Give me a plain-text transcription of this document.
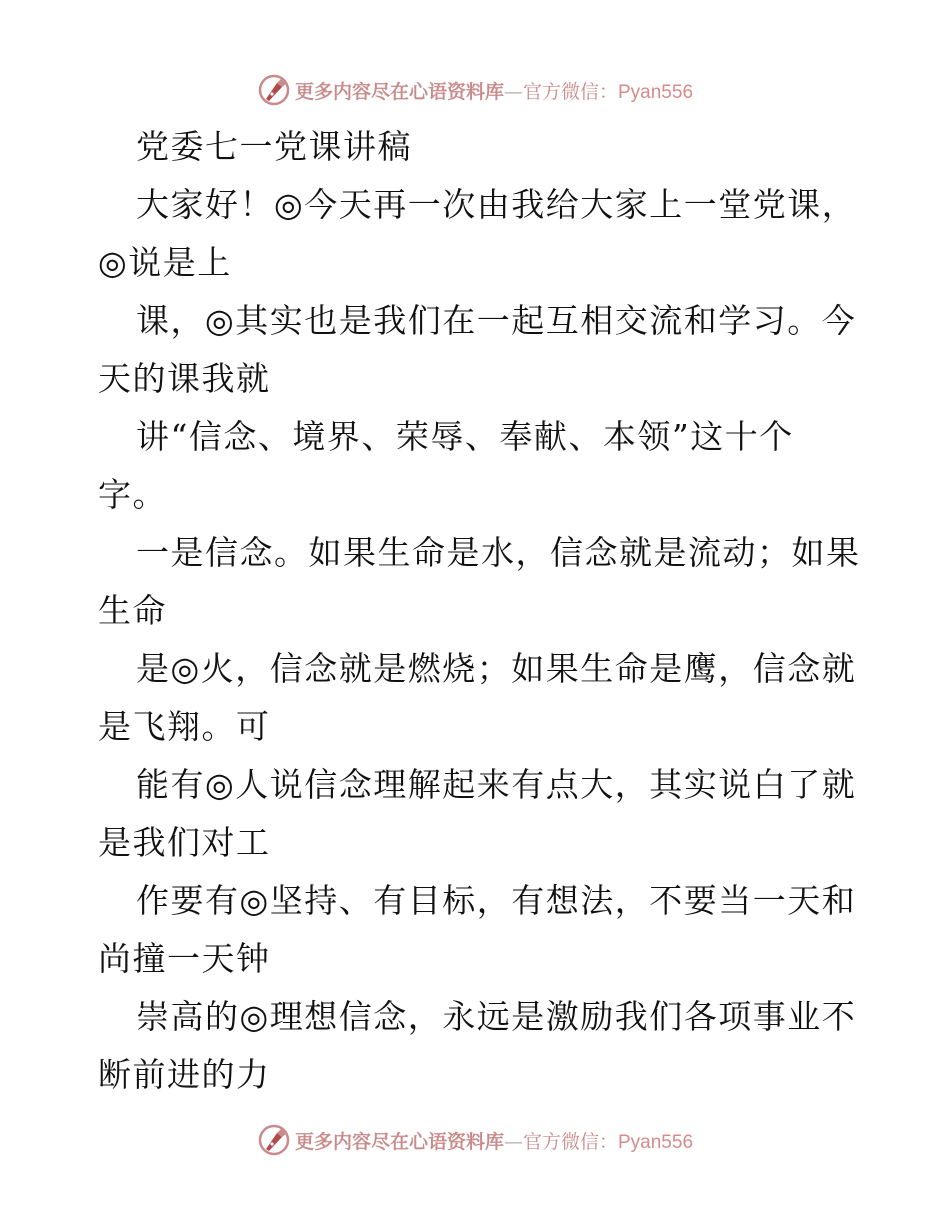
更多内容尽在心语资料库—官方微信：Pyan556
党委七一党课讲稿
大家好！◎今天再一次由我给大家上一堂党课，
◎说是上
课，◎其实也是我们在一起互相交流和学习。今
天的课我就
讲“信念、境界、荣辱、奉献、本领”这十个
字。
一是信念。如果生命是水，信念就是流动；如果
生命
是◎火，信念就是燃烧；如果生命是鹰，信念就
是飞翔。可
能有◎人说信念理解起来有点大，其实说白了就
是我们对工
作要有◎坚持、有目标，有想法，不要当一天和
尚撞一天钟
崇高的◎理想信念，永远是激励我们各项事业不
断前进的力
更多内容尽在心语资料库—官方微信：Pyan556
